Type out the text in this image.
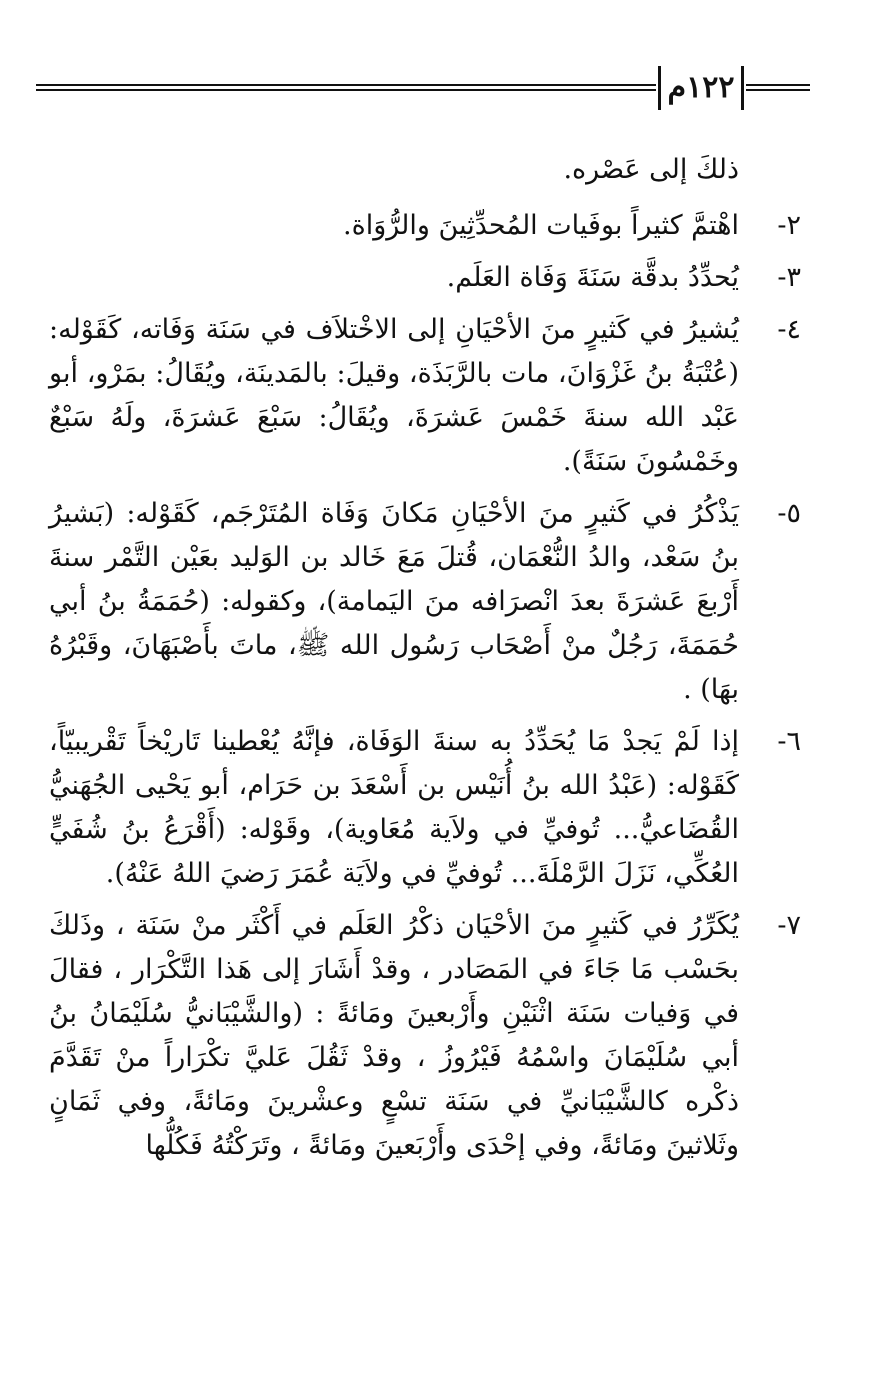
١٢٢م

ذلكَ إلى عَصْره.

٢-
اهْتمَّ كثيراً بوفَيات المُحدِّثِينَ والرُّوَاة.
٣-
يُحدِّدُ بدقَّة سَنَةَ وَفَاة العَلَم.
٤-
يُشيرُ في كَثيرٍ منَ الأحْيَانِ إلى الاخْتلاَف في سَنَة وَفَاته، كَقَوْله:(عُتْبَةُ بنُ غَزْوَانَ، مات بالرَّبَذَة، وقيلَ: بالمَدينَة، ويُقَالُ: بمَرْو، أبو عَبْد الله سنةَ خَمْسَ عَشرَةَ، ويُقَالُ: سَبْعَ عَشرَةَ، ولَهُ سَبْعٌ وخَمْسُونَ سَنَةً).
٥-
يَذْكُرُ في كَثيرٍ منَ الأحْيَانِ مَكانَ وَفَاة المُتَرْجَم، كَقَوْله: (بَشيرُ بنُ سَعْد، والدُ النُّعْمَان، قُتلَ مَعَ خَالد بن الوَليد بعَيْن التَّمْر سنةَ أَرْبعَ عَشرَةَ بعدَ انْصرَافه منَ اليَمامة)، وكقوله: (حُمَمَةُ بنُ أبي حُمَمَةَ، رَجُلٌ منْ أَصْحَاب رَسُول الله ﷺ، ماتَ بأَصْبَهَانَ، وقَبْرُهُ بهَا) .
٦-
إذا لَمْ يَجدْ مَا يُحَدِّدُ به سنةَ الوَفَاة، فإنَّهُ يُعْطينا تَاريْخاً تَقْريبيّاً، كَقَوْله: (عَبْدُ الله بنُ أُنَيْس بن أَسْعَدَ بن حَرَام، أبو يَحْيى الجُهَنيُّ القُضَاعيُّ... تُوفيِّ في ولاَية مُعَاوية)، وقَوْله: (أَقْرَعُ بنُ شُفَيٍّ العُكِّي، نَزَلَ الرَّمْلَةَ... تُوفيِّ في ولاَيَة عُمَرَ رَضيَ اللهُ عَنْهُ).
٧-
يُكَرِّرُ في كَثيرٍ منَ الأحْيَان ذكْرُ العَلَم في أَكْثَر منْ سَنَة ، وذَلكَ بحَسْب مَا جَاءَ في المَصَادر ، وقدْ أَشَارَ إلى هَذا التَّكْرَار ، فقالَ في وَفيات سَنَة اثْنَيْنِ وأَرْبعينَ ومَائةً : (والشَّيْبَانيُّ سُلَيْمَانُ بنُ أبي سُلَيْمَانَ واسْمُهُ فَيْرُوزُ ، وقدْ ثَقُلَ عَليَّ تكْرَاراً منْ تَقَدَّمَ ذكْره كالشَّيْبَانيِّ في سَنَة تسْعٍ وعشْرينَ ومَائةً، وفي ثَمَانٍ وثَلاثينَ ومَائةً، وفي إحْدَى وأَرْبَعينَ ومَائةً ، وتَرَكْتُهُ فَكُلُّها
